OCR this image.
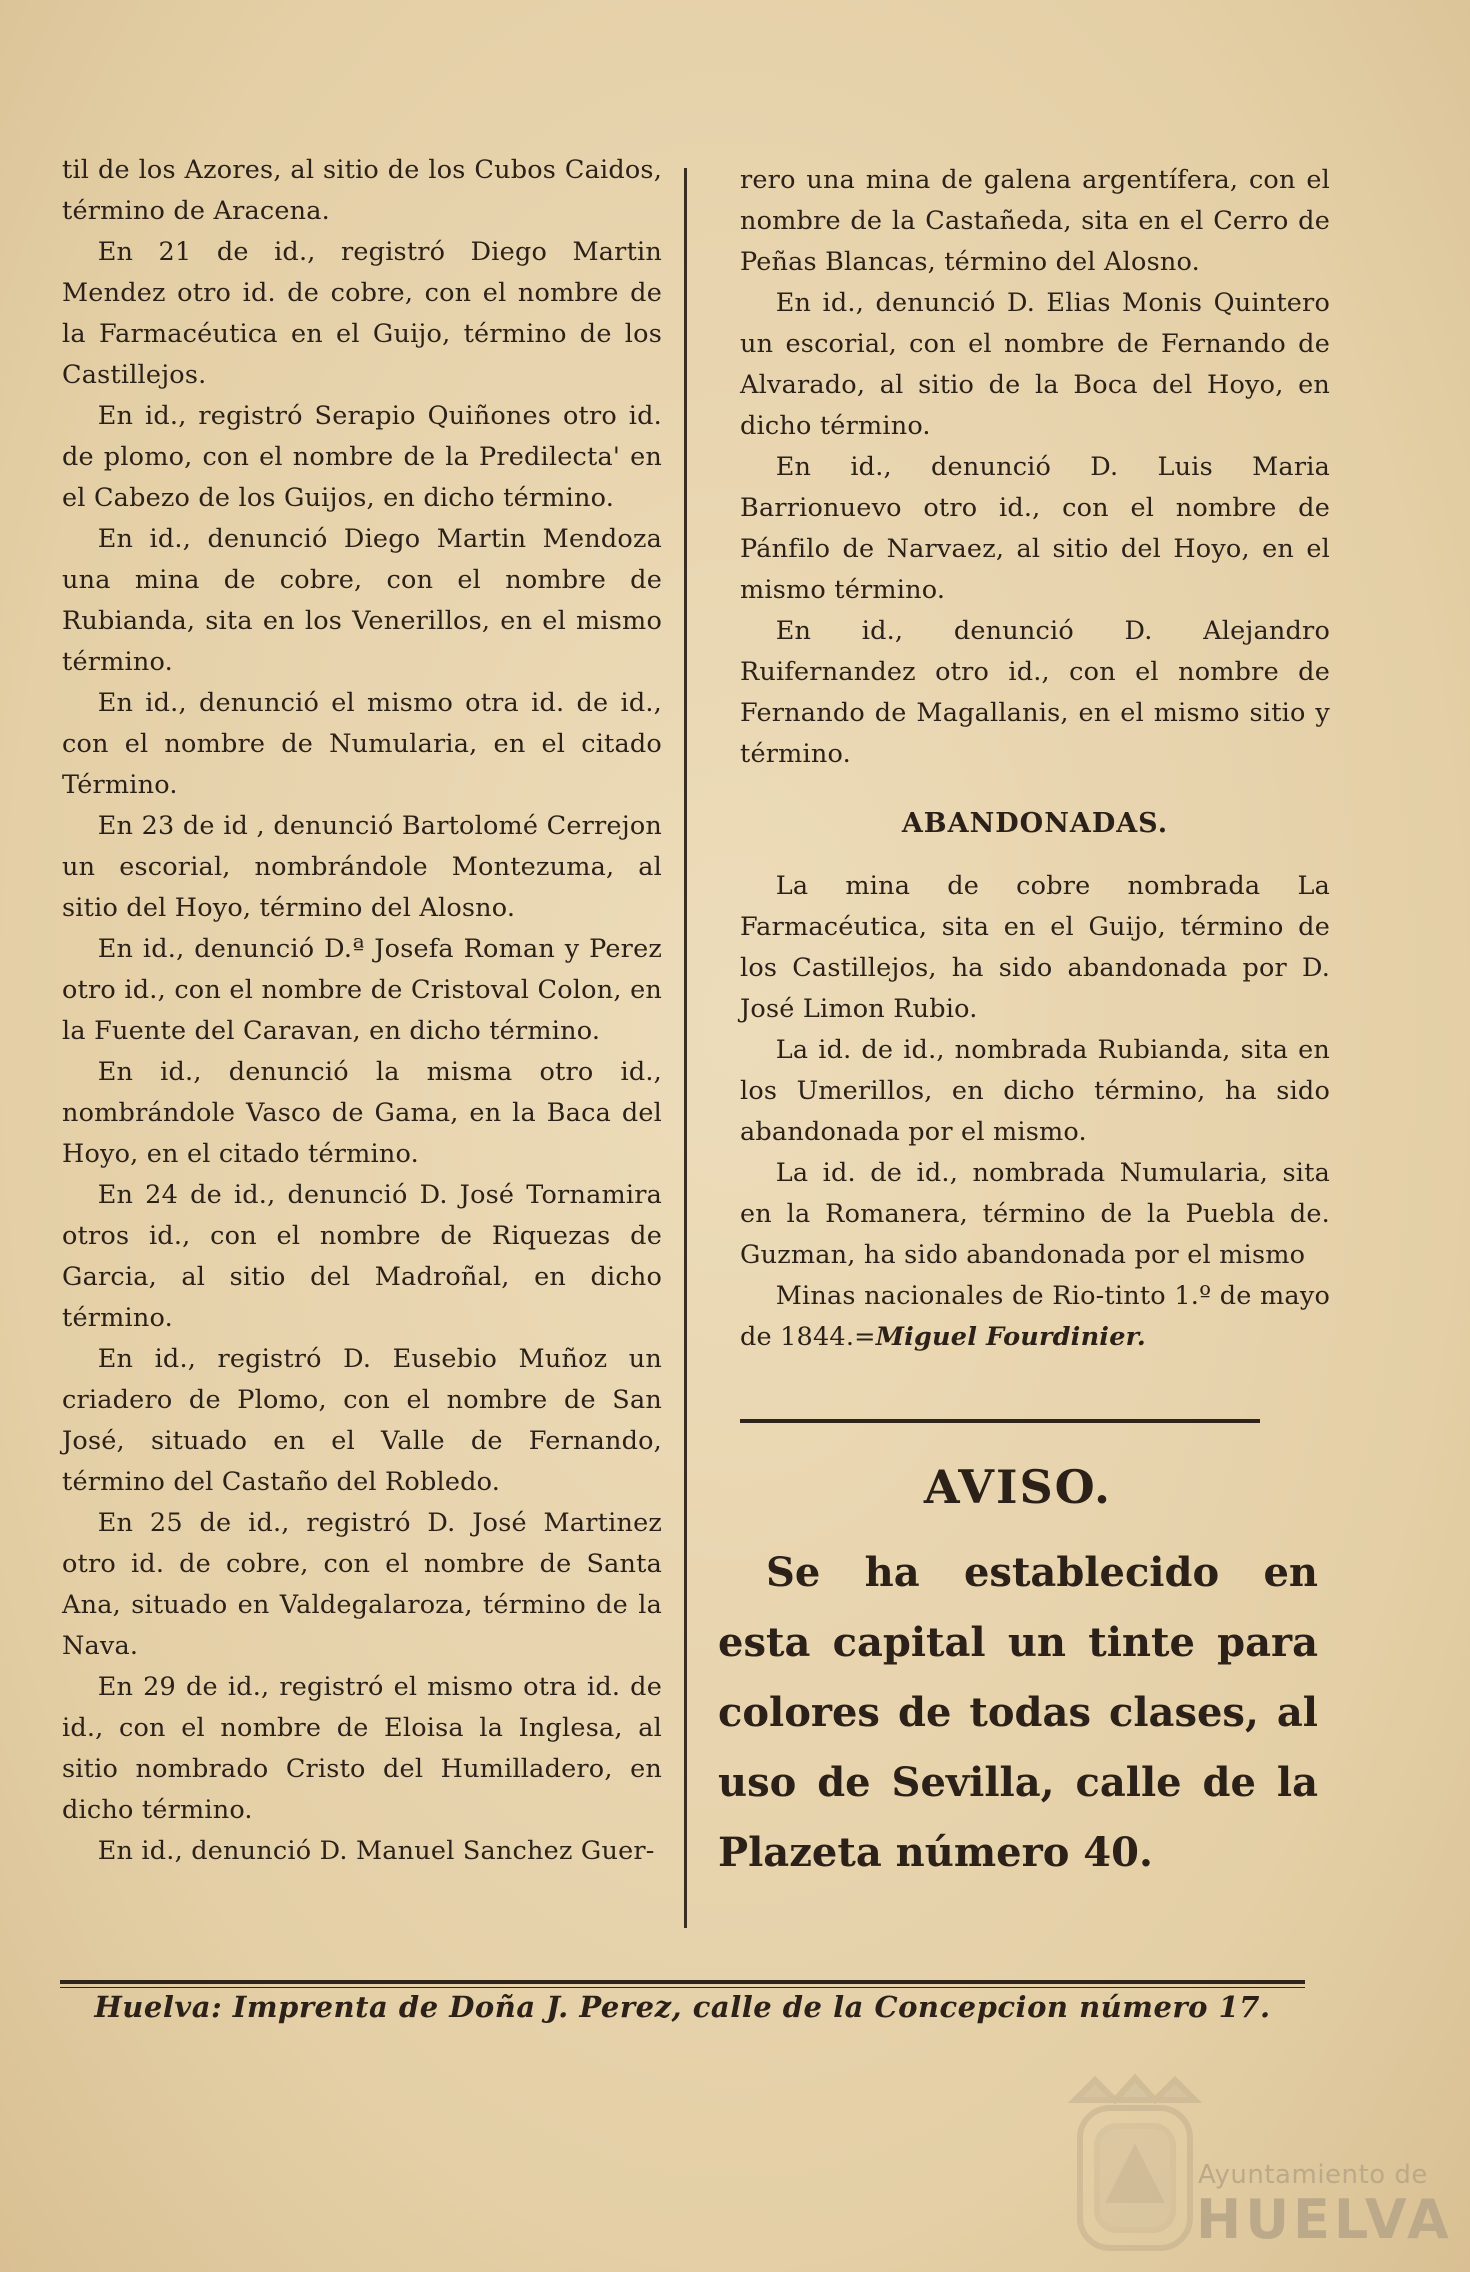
til de los Azores, al sitio de los Cubos Caidos, término de Aracena.

En 21 de id., registró Diego Martin Mendez otro id. de cobre, con el nombre de la Farmacéutica en el Guijo, término de los Castillejos.

En id., registró Serapio Quiñones otro id. de plomo, con el nombre de la Predilecta' en el Cabezo de los Guijos, en dicho término.

En id., denunció Diego Martin Mendoza una mina de cobre, con el nombre de Rubianda, sita en los Venerillos, en el mismo término.

En id., denunció el mismo otra id. de id., con el nombre de Numularia, en el citado Término.

En 23 de id , denunció Bartolomé Cerrejon un escorial, nombrándole Montezuma, al sitio del Hoyo, término del Alosno.

En id., denunció D.ª Josefa Roman y Perez otro id., con el nombre de Cristoval Colon, en la Fuente del Caravan, en dicho término.

En id., denunció la misma otro id., nombrándole Vasco de Gama, en la Baca del Hoyo, en el citado término.

En 24 de id., denunció D. José Tornamira otros id., con el nombre de Riquezas de Garcia, al sitio del Madroñal, en dicho término.

En id., registró D. Eusebio Muñoz un criadero de Plomo, con el nombre de San José, situado en el Valle de Fernando, término del Castaño del Robledo.

En 25 de id., registró D. José Martinez otro id. de cobre, con el nombre de Santa Ana, situado en Valdegalaroza, término de la Nava.

En 29 de id., registró el mismo otra id. de id., con el nombre de Eloisa la Inglesa, al sitio nombrado Cristo del Humilladero, en dicho término.

En id., denunció D. Manuel Sanchez Guer-

rero una mina de galena argentífera, con el nombre de la Castañeda, sita en el Cerro de Peñas Blancas, término del Alosno.

En id., denunció D. Elias Monis Quintero un escorial, con el nombre de Fernando de Alvarado, al sitio de la Boca del Hoyo, en dicho término.

En id., denunció D. Luis Maria Barrionuevo otro id., con el nombre de Pánfilo de Narvaez, al sitio del Hoyo, en el mismo término.

En id., denunció D. Alejandro Ruifernandez otro id., con el nombre de Fernando de Magallanis, en el mismo sitio y término.

ABANDONADAS.

La mina de cobre nombrada La Farmacéutica, sita en el Guijo, término de los Castillejos, ha sido abandonada por D. José Limon Rubio.

La id. de id., nombrada Rubianda, sita en los Umerillos, en dicho término, ha sido abandonada por el mismo.

La id. de id., nombrada Numularia, sita en la Romanera, término de la Puebla de. Guzman, ha sido abandonada por el mismo

Minas nacionales de Rio-tinto 1.º de mayo de 1844.=Miguel Fourdinier.

AVISO.

Se ha establecido en esta capital un tinte para colores de todas clases, al uso de Sevilla, calle de la Plazeta número 40.

Huelva: Imprenta de Doña J. Perez, calle de la Concepcion número 17.
Ayuntamiento de
HUELVA
